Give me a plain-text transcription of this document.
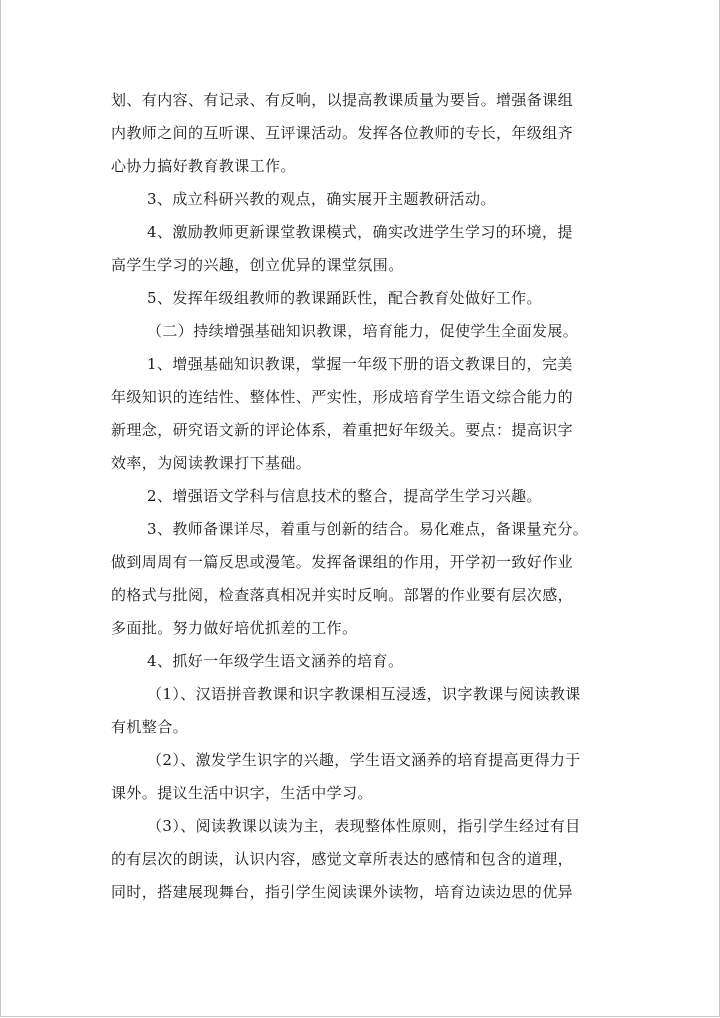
划、有内容、有记录、有反响，以提高教课质量为要旨。增强备课组
内教师之间的互听课、互评课活动。发挥各位教师的专长，年级组齐
心协力搞好教育教课工作。
3、成立科研兴教的观点，确实展开主题教研活动。
4、激励教师更新课堂教课模式，确实改进学生学习的环境，提
高学生学习的兴趣，创立优异的课堂氛围。
5、发挥年级组教师的教课踊跃性，配合教育处做好工作。
（二）持续增强基础知识教课，培育能力，促使学生全面发展。
1、增强基础知识教课，掌握一年级下册的语文教课目的，完美
年级知识的连结性、整体性、严实性，形成培育学生语文综合能力的
新理念，研究语文新的评论体系，着重把好年级关。要点：提高识字
效率，为阅读教课打下基础。
2、增强语文学科与信息技术的整合，提高学生学习兴趣。
3、教师备课详尽，着重与创新的结合。易化难点，备课量充分。
做到周周有一篇反思或漫笔。发挥备课组的作用，开学初一致好作业
的格式与批阅，检查落真相况并实时反响。部署的作业要有层次感，
多面批。努力做好培优抓差的工作。
4、抓好一年级学生语文涵养的培育。
（1）、汉语拼音教课和识字教课相互浸透，识字教课与阅读教课
有机整合。
（2）、激发学生识字的兴趣，学生语文涵养的培育提高更得力于
课外。提议生活中识字，生活中学习。
（3）、阅读教课以读为主，表现整体性原则，指引学生经过有目
的有层次的朗读，认识内容，感觉文章所表达的感情和包含的道理，
同时，搭建展现舞台，指引学生阅读课外读物，培育边读边思的优异
